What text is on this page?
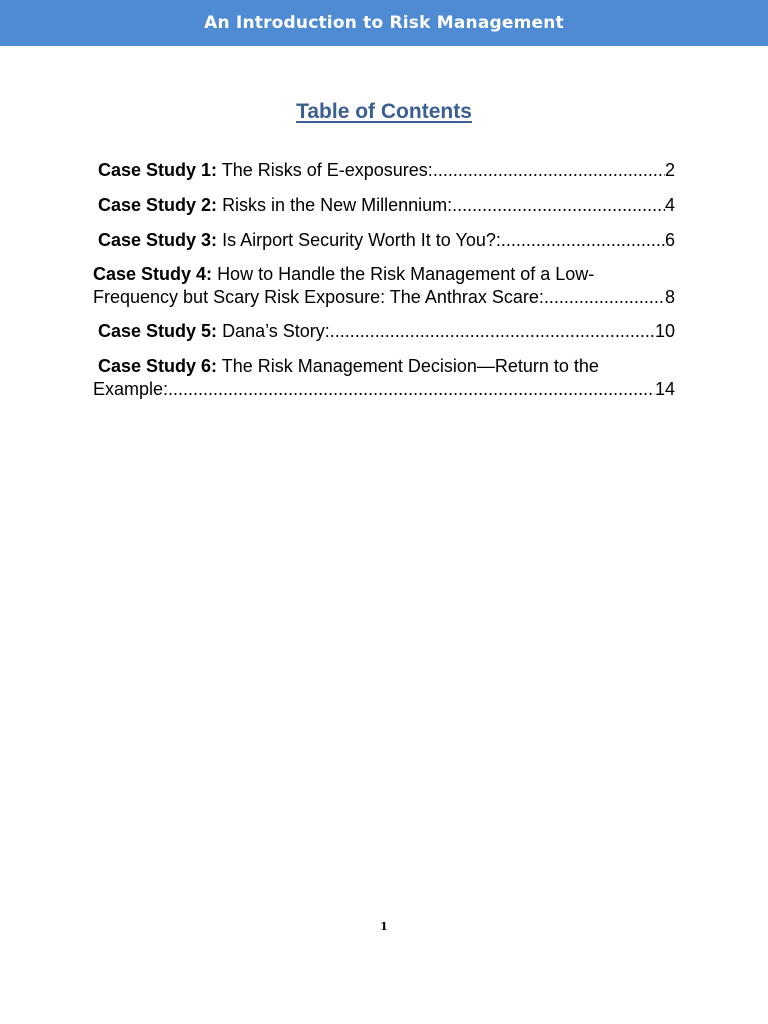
An Introduction to Risk Management
Table of Contents
Case Study 1: The Risks of E-exposures: .....	2
Case Study 2: Risks in the New Millennium: .....	4
Case Study 3: Is Airport Security Worth It to You?: .....	6
Case Study 4: How to Handle the Risk Management of a Low-
Frequency but Scary Risk Exposure: The Anthrax Scare: .....	8
Case Study 5: Dana’s Story: .....	10
Case Study 6: The Risk Management Decision—Return to the
Example: .....	14
1
